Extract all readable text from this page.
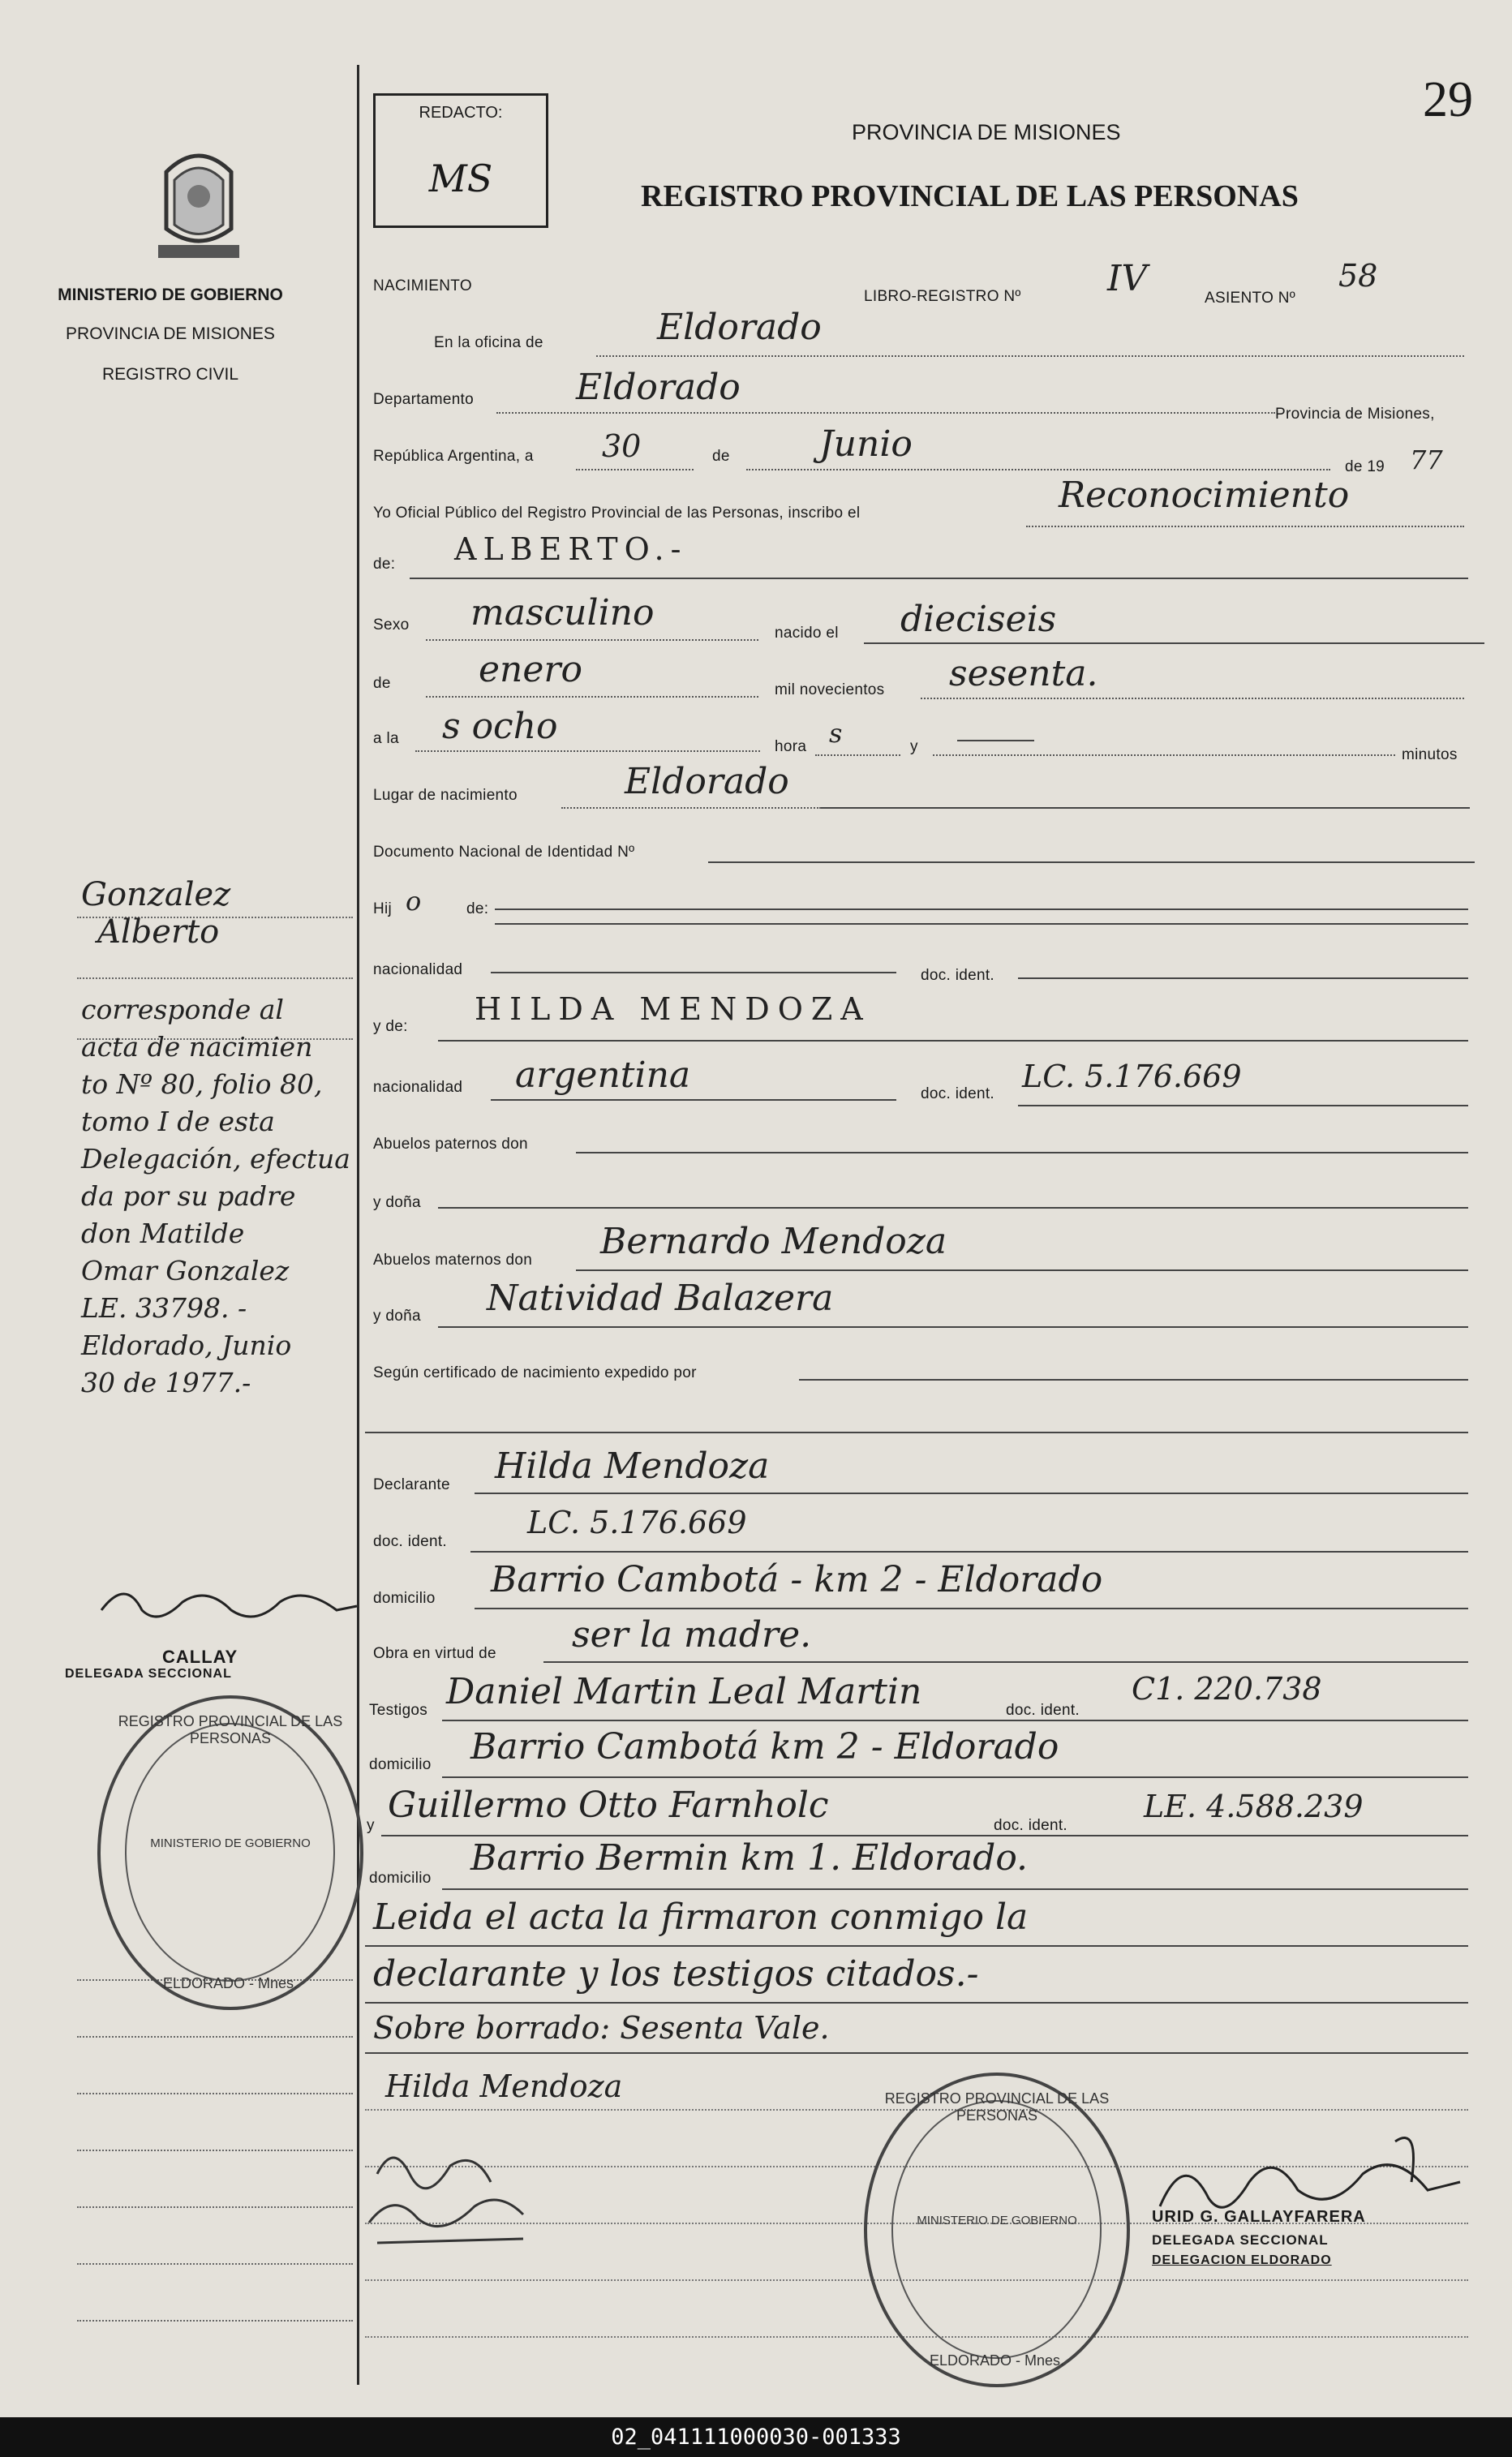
MINISTERIO DE GOBIERNO
PROVINCIA DE MISIONES
REGISTRO CIVIL
REDACTO:
MS
29
PROVINCIA DE MISIONES
REGISTRO PROVINCIAL DE LAS PERSONAS
NACIMIENTO
LIBRO-REGISTRO Nº IV	ASIENTO Nº
58
En la oficina de	Eldorado
Departamento	Eldorado
Provincia de Misiones,
República Argentina, a 30	de	Junio
de 19 77
Yo Oficial Público del Registro Provincial de las Personas, inscribo el	Reconocimiento
de: ALBERTO.-
Sexo masculino	nacido el dieciseis
de enero	mil novecientos sesenta.
a la s ocho	hora s	y	minutos
Lugar de nacimiento	Eldorado
Documento Nacional de Identidad Nº
Hij o	de:
nacionalidad	doc. ident.
y de: HILDA MENDOZA
nacionalidad argentina	doc. ident. LC. 5.176.669
Abuelos paternos don
y doña
Abuelos maternos don Bernardo Mendoza
y doña Natividad Balazera
Según certificado de nacimiento expedido por
Declarante Hilda Mendoza
doc. ident.
LC. 5.176.669
domicilio Barrio Cambotá - km 2 - Eldorado
Obra en virtud de ser la madre.
Testigos Daniel Martin Leal Martin	doc. ident.
C1. 220.738
domicilio Barrio Cambotá km 2 - Eldorado
y Guillermo Otto Farnholc	doc. ident.
LE. 4.588.239
domicilio Barrio Bermin km 1. Eldorado.
Leida el acta la firmaron conmigo la
declarante y los testigos citados.-
Sobre borrado: Sesenta Vale.
Hilda Mendoza
URID G. GALLAYFARERA
DELEGADA SECCIONAL
DELEGACION ELDORADO
REGISTRO PROVINCIAL DE LAS PERSONAS
MINISTERIO DE GOBIERNO
ELDORADO - Mnes.
Gonzalez
Alberto
corresponde al
acta de nacimien
to Nº 80, folio 80,
tomo I de esta
Delegación, efectua
da por su padre
don Matilde
Omar Gonzalez
LE. 33798. -
Eldorado, Junio
30 de 1977.-
CALLAY
DELEGADA SECCIONAL
REGISTRO PROVINCIAL DE LAS PERSONAS
MINISTERIO DE GOBIERNO
ELDORADO - Mnes.
02_041111000030-001333
